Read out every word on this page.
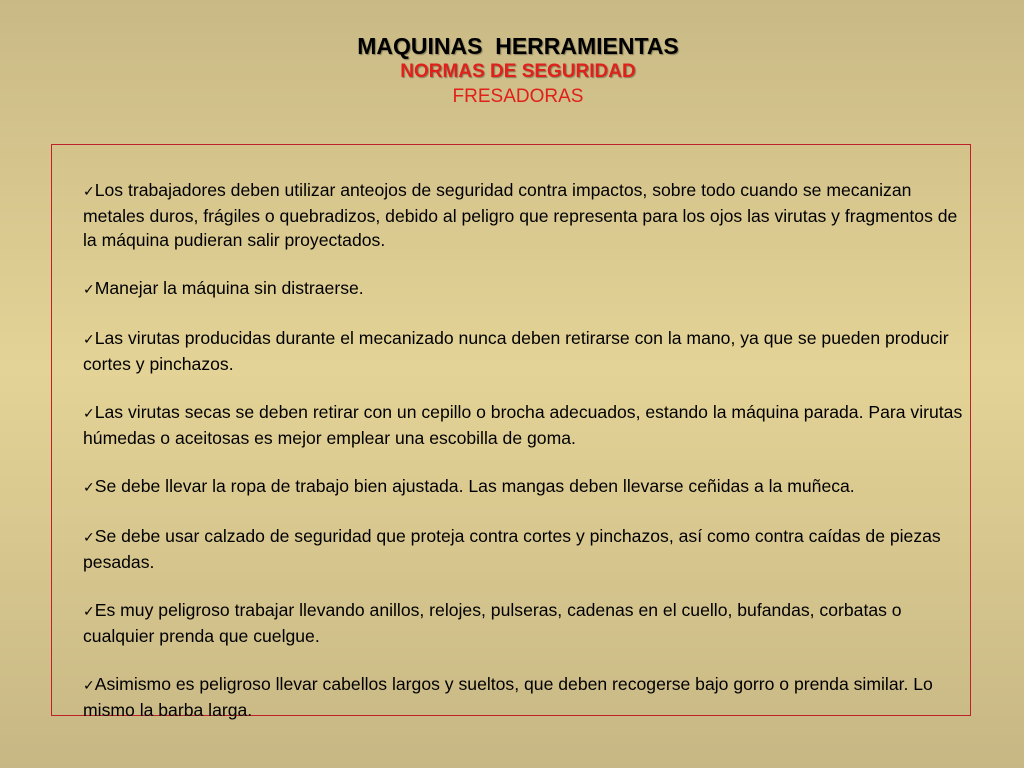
MAQUINAS  HERRAMIENTAS
NORMAS DE SEGURIDAD
FRESADORAS
✓Los trabajadores deben utilizar anteojos de seguridad contra impactos, sobre todo cuando se mecanizan metales duros, frágiles o quebradizos, debido al peligro que representa para los ojos las virutas y fragmentos de la máquina pudieran salir proyectados.
✓Manejar la máquina sin distraerse.
✓Las virutas producidas durante el mecanizado nunca deben retirarse con la mano, ya que se pueden producir cortes y pinchazos.
✓Las virutas secas se deben retirar con un cepillo o brocha adecuados, estando la máquina parada. Para virutas húmedas o aceitosas es mejor emplear una escobilla de goma.
✓Se debe llevar la ropa de trabajo bien ajustada. Las mangas deben llevarse ceñidas a la muñeca.
✓Se debe usar calzado de seguridad que proteja contra cortes y pinchazos, así como contra caídas de piezas pesadas.
✓Es muy peligroso trabajar llevando anillos, relojes, pulseras, cadenas en el cuello, bufandas, corbatas o cualquier prenda que cuelgue.
✓Asimismo es peligroso llevar cabellos largos y sueltos, que deben recogerse bajo gorro o prenda similar. Lo mismo la barba larga.
